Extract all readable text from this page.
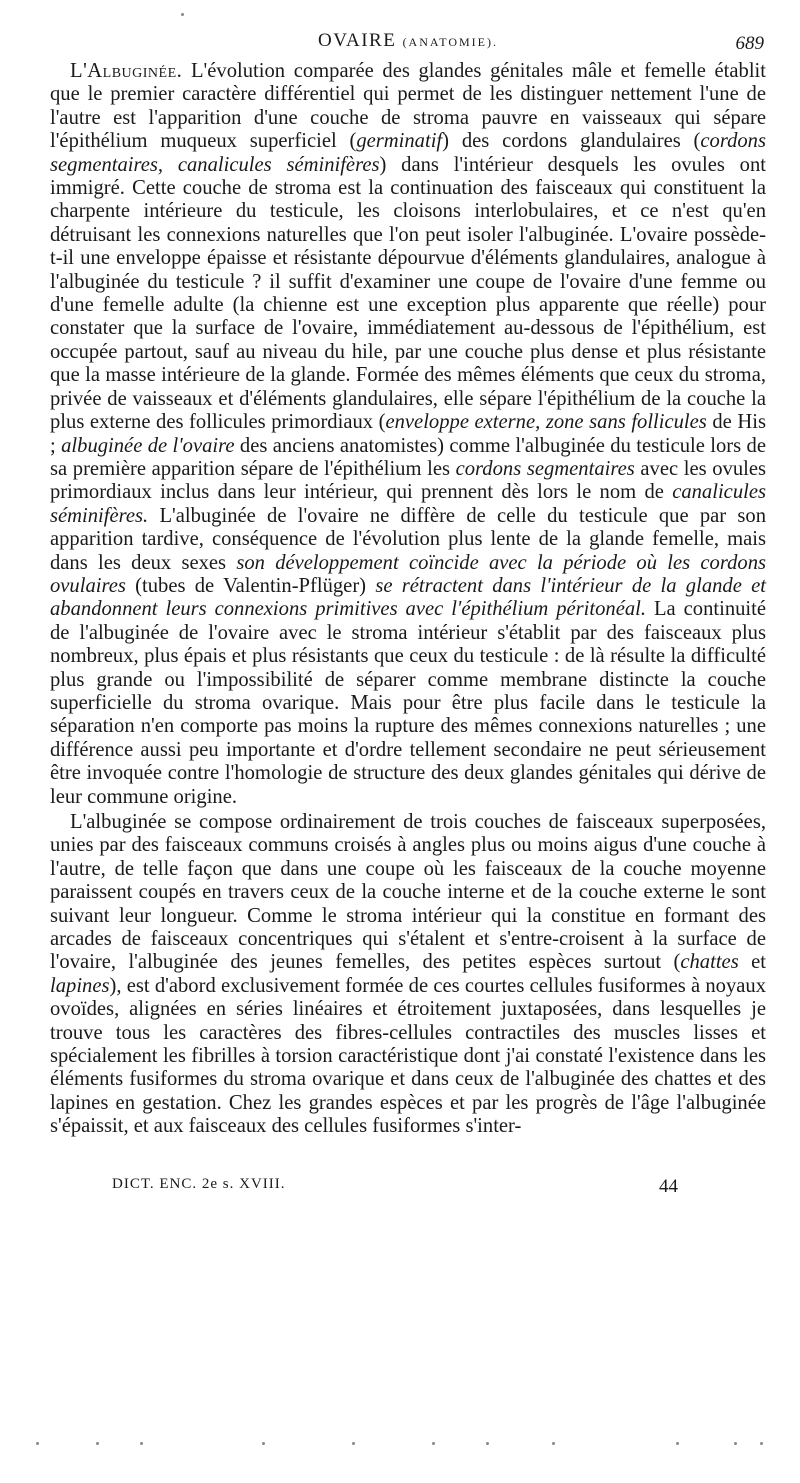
OVAIRE (ANATOMIE).	689

L'Albuginée. L'évolution comparée des glandes génitales mâle et femelle établit que le premier caractère différentiel qui permet de les distinguer nettement l'une de l'autre est l'apparition d'une couche de stroma pauvre en vaisseaux qui sépare l'épithélium muqueux superficiel (germinatif) des cordons glandulaires (cordons segmentaires, canalicules séminifères) dans l'intérieur desquels les ovules ont immigré. Cette couche de stroma est la continuation des faisceaux qui constituent la charpente intérieure du testicule, les cloisons interlobulaires, et ce n'est qu'en détruisant les connexions naturelles que l'on peut isoler l'albuginée. L'ovaire possède-t-il une enveloppe épaisse et résistante dépourvue d'éléments glandulaires, analogue à l'albuginée du testicule ? il suffit d'examiner une coupe de l'ovaire d'une femme ou d'une femelle adulte (la chienne est une exception plus apparente que réelle) pour constater que la surface de l'ovaire, immédiatement au-dessous de l'épithélium, est occupée partout, sauf au niveau du hile, par une couche plus dense et plus résistante que la masse intérieure de la glande. Formée des mêmes éléments que ceux du stroma, privée de vaisseaux et d'éléments glandulaires, elle sépare l'épithélium de la couche la plus externe des follicules primordiaux (enveloppe externe, zone sans follicules de His ; albuginée de l'ovaire des anciens anatomistes) comme l'albuginée du testicule lors de sa première apparition sépare de l'épithélium les cordons segmentaires avec les ovules primordiaux inclus dans leur intérieur, qui prennent dès lors le nom de canalicules séminifères. L'albuginée de l'ovaire ne diffère de celle du testicule que par son apparition tardive, conséquence de l'évolution plus lente de la glande femelle, mais dans les deux sexes son développement coïncide avec la période où les cordons ovulaires (tubes de Valentin-Pflüger) se rétractent dans l'intérieur de la glande et abandonnent leurs connexions primitives avec l'épithélium péritonéal. La continuité de l'albuginée de l'ovaire avec le stroma intérieur s'établit par des faisceaux plus nombreux, plus épais et plus résistants que ceux du testicule : de là résulte la difficulté plus grande ou l'impossibilité de séparer comme membrane distincte la couche superficielle du stroma ovarique. Mais pour être plus facile dans le testicule la séparation n'en comporte pas moins la rupture des mêmes connexions naturelles ; une différence aussi peu importante et d'ordre tellement secondaire ne peut sérieusement être invoquée contre l'homologie de structure des deux glandes génitales qui dérive de leur commune origine.

L'albuginée se compose ordinairement de trois couches de faisceaux superposées, unies par des faisceaux communs croisés à angles plus ou moins aigus d'une couche à l'autre, de telle façon que dans une coupe où les faisceaux de la couche moyenne paraissent coupés en travers ceux de la couche interne et de la couche externe le sont suivant leur longueur. Comme le stroma intérieur qui la constitue en formant des arcades de faisceaux concentriques qui s'étalent et s'entre-croisent à la surface de l'ovaire, l'albuginée des jeunes femelles, des petites espèces surtout (chattes et lapines), est d'abord exclusivement formée de ces courtes cellules fusiformes à noyaux ovoïdes, alignées en séries linéaires et étroitement juxtaposées, dans lesquelles je trouve tous les caractères des fibres-cellules contractiles des muscles lisses et spécialement les fibrilles à torsion caractéristique dont j'ai constaté l'existence dans les éléments fusiformes du stroma ovarique et dans ceux de l'albuginée des chattes et des lapines en gestation. Chez les grandes espèces et par les progrès de l'âge l'albuginée s'épaissit, et aux faisceaux des cellules fusiformes s'inter-

DICT. ENC. 2e s. XVIII.	44
